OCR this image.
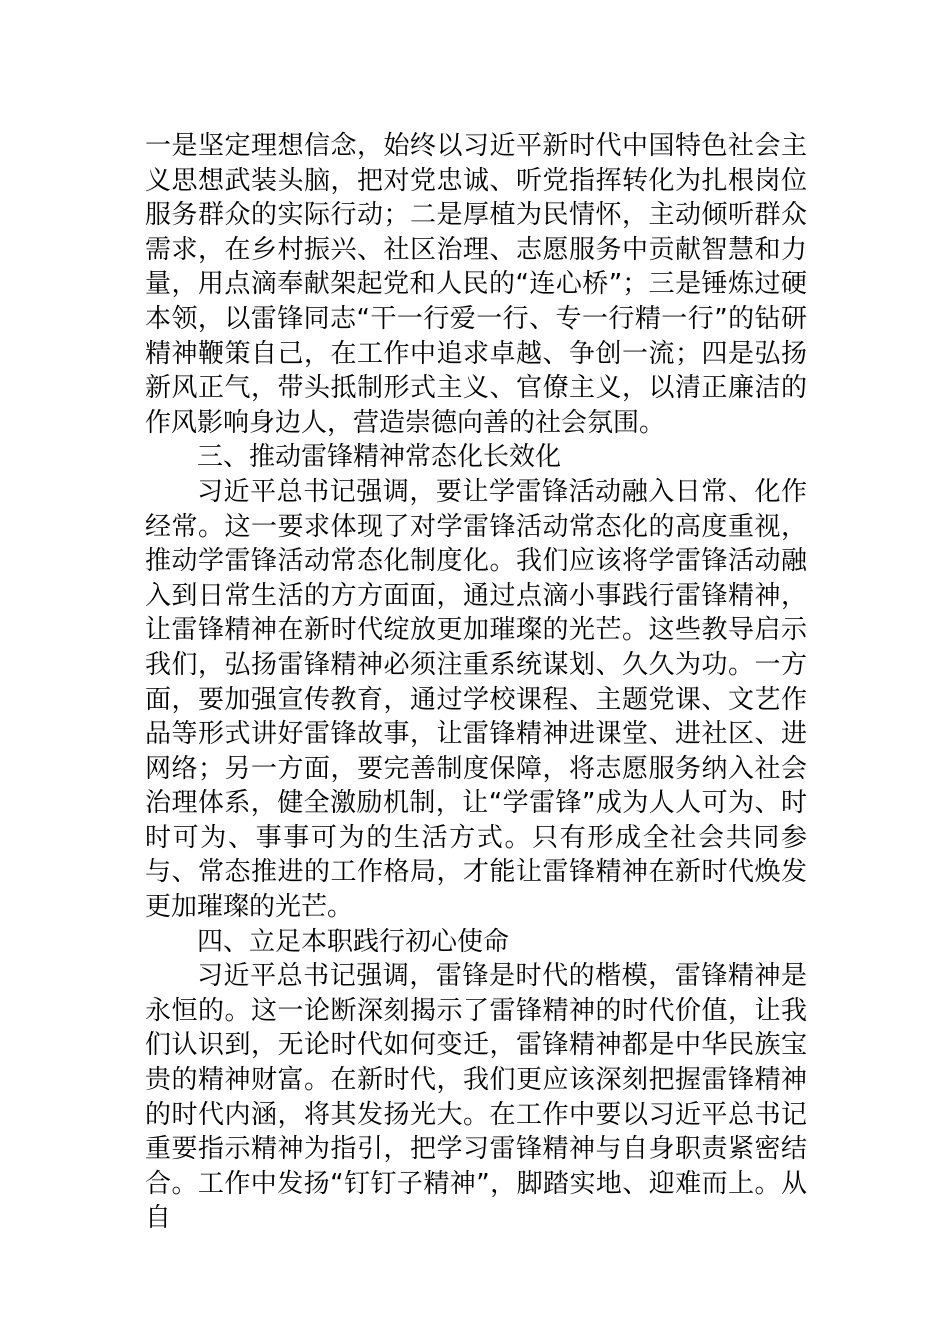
一是坚定理想信念，始终以习近平新时代中国特色社会主义思想武装头脑，把对党忠诚、听党指挥转化为扎根岗位服务群众的实际行动；二是厚植为民情怀，主动倾听群众需求，在乡村振兴、社区治理、志愿服务中贡献智慧和力量，用点滴奉献架起党和人民的“连心桥”；三是锤炼过硬本领，以雷锋同志“干一行爱一行、专一行精一行”的钻研精神鞭策自己，在工作中追求卓越、争创一流；四是弘扬新风正气，带头抵制形式主义、官僚主义，以清正廉洁的作风影响身边人，营造崇德向善的社会氛围。

三、推动雷锋精神常态化长效化

习近平总书记强调，要让学雷锋活动融入日常、化作经常。这一要求体现了对学雷锋活动常态化的高度重视，推动学雷锋活动常态化制度化。我们应该将学雷锋活动融入到日常生活的方方面面，通过点滴小事践行雷锋精神，让雷锋精神在新时代绽放更加璀璨的光芒。这些教导启示我们，弘扬雷锋精神必须注重系统谋划、久久为功。一方面，要加强宣传教育，通过学校课程、主题党课、文艺作品等形式讲好雷锋故事，让雷锋精神进课堂、进社区、进网络；另一方面，要完善制度保障，将志愿服务纳入社会治理体系，健全激励机制，让“学雷锋”成为人人可为、时时可为、事事可为的生活方式。只有形成全社会共同参与、常态推进的工作格局，才能让雷锋精神在新时代焕发更加璀璨的光芒。

四、立足本职践行初心使命

习近平总书记强调，雷锋是时代的楷模，雷锋精神是永恒的。这一论断深刻揭示了雷锋精神的时代价值，让我们认识到，无论时代如何变迁，雷锋精神都是中华民族宝贵的精神财富。在新时代，我们更应该深刻把握雷锋精神的时代内涵，将其发扬光大。在工作中要以习近平总书记重要指示精神为指引，把学习雷锋精神与自身职责紧密结合。工作中发扬“钉钉子精神”，脚踏实地、迎难而上。从自
